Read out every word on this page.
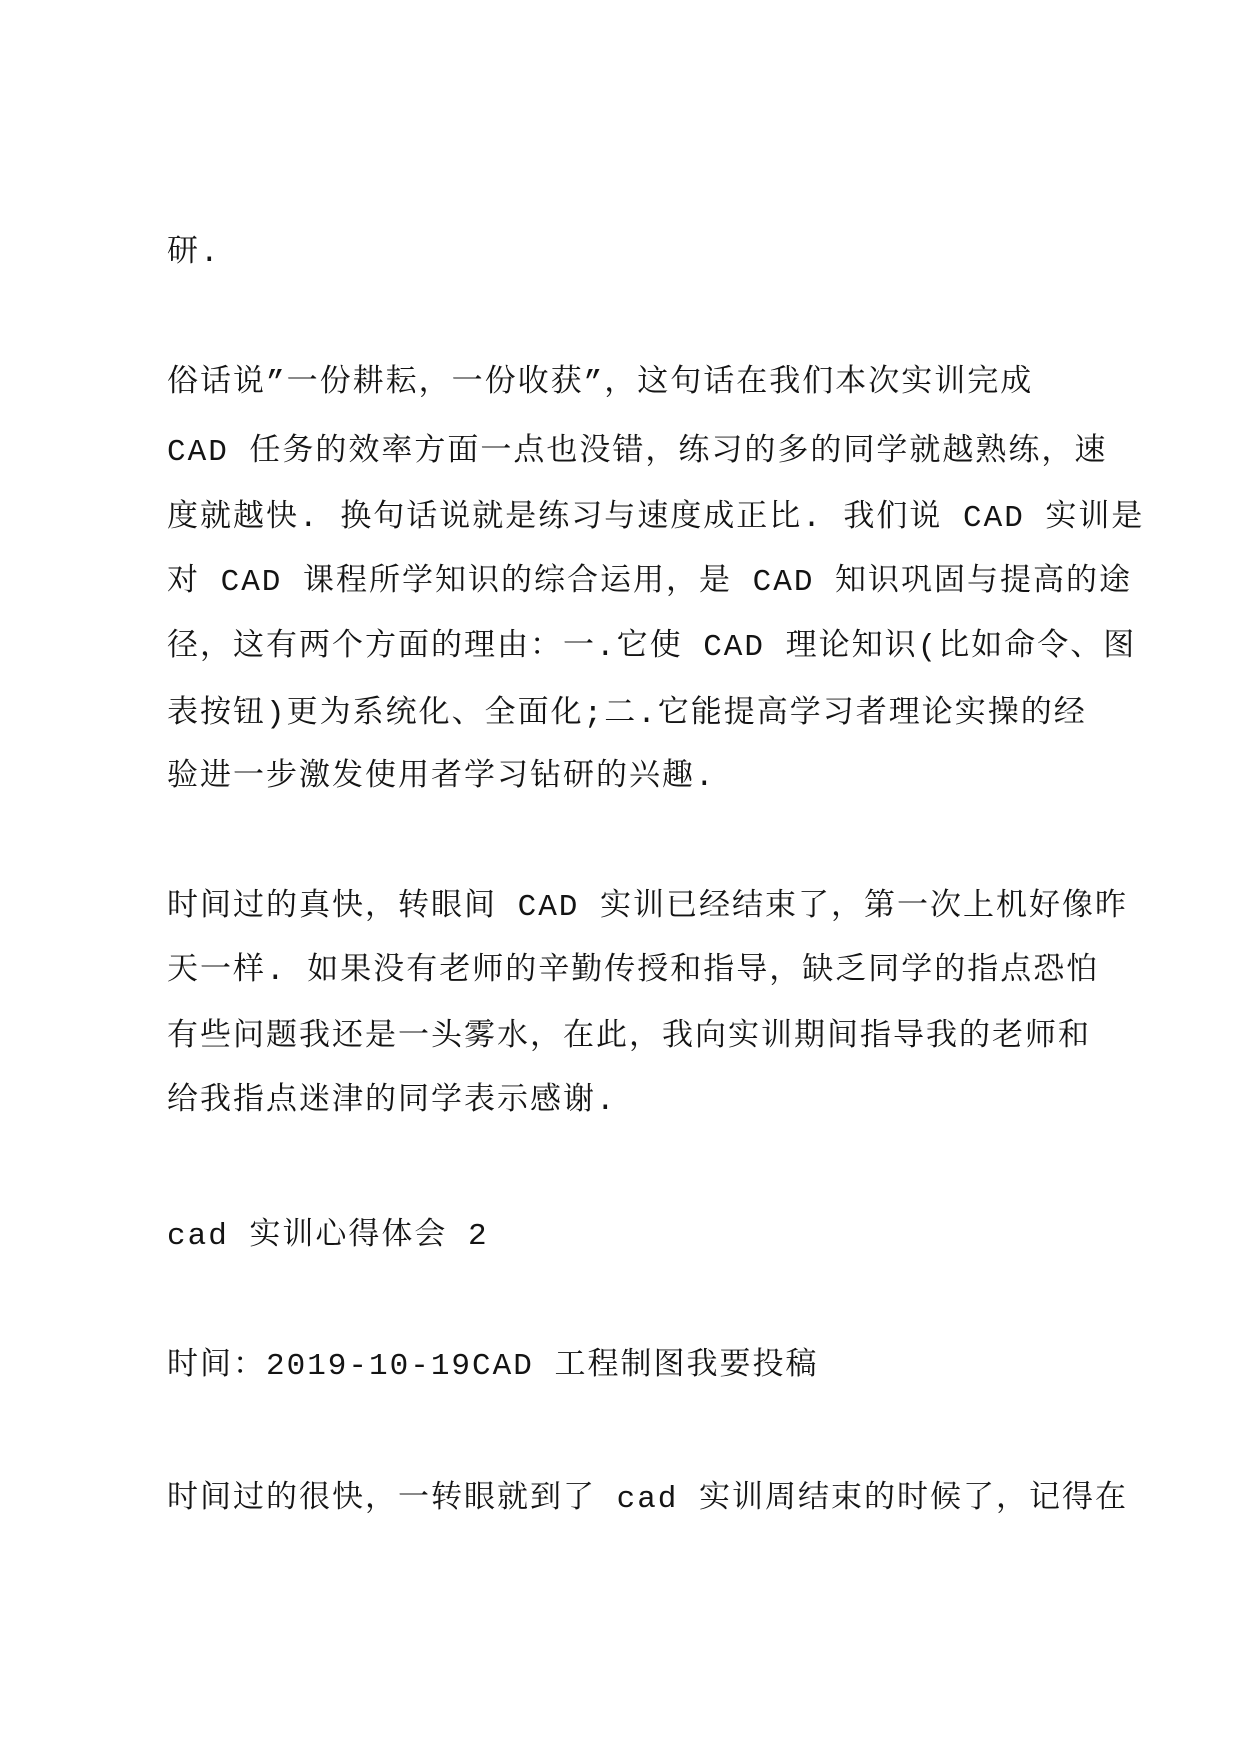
研.
俗话说”一份耕耘，一份收获”，这句话在我们本次实训完成
CAD 任务的效率方面一点也没错，练习的多的同学就越熟练，速
度就越快. 换句话说就是练习与速度成正比. 我们说 CAD 实训是
对 CAD 课程所学知识的综合运用，是 CAD 知识巩固与提高的途
径，这有两个方面的理由：一.它使 CAD 理论知识(比如命令、图
表按钮)更为系统化、全面化;二.它能提高学习者理论实操的经
验进一步激发使用者学习钻研的兴趣.
时间过的真快，转眼间 CAD 实训已经结束了，第一次上机好像昨
天一样. 如果没有老师的辛勤传授和指导，缺乏同学的指点恐怕
有些问题我还是一头雾水，在此，我向实训期间指导我的老师和
给我指点迷津的同学表示感谢.
cad 实训心得体会 2
时间：2019-10-19CAD 工程制图我要投稿
时间过的很快，一转眼就到了 cad 实训周结束的时候了，记得在
